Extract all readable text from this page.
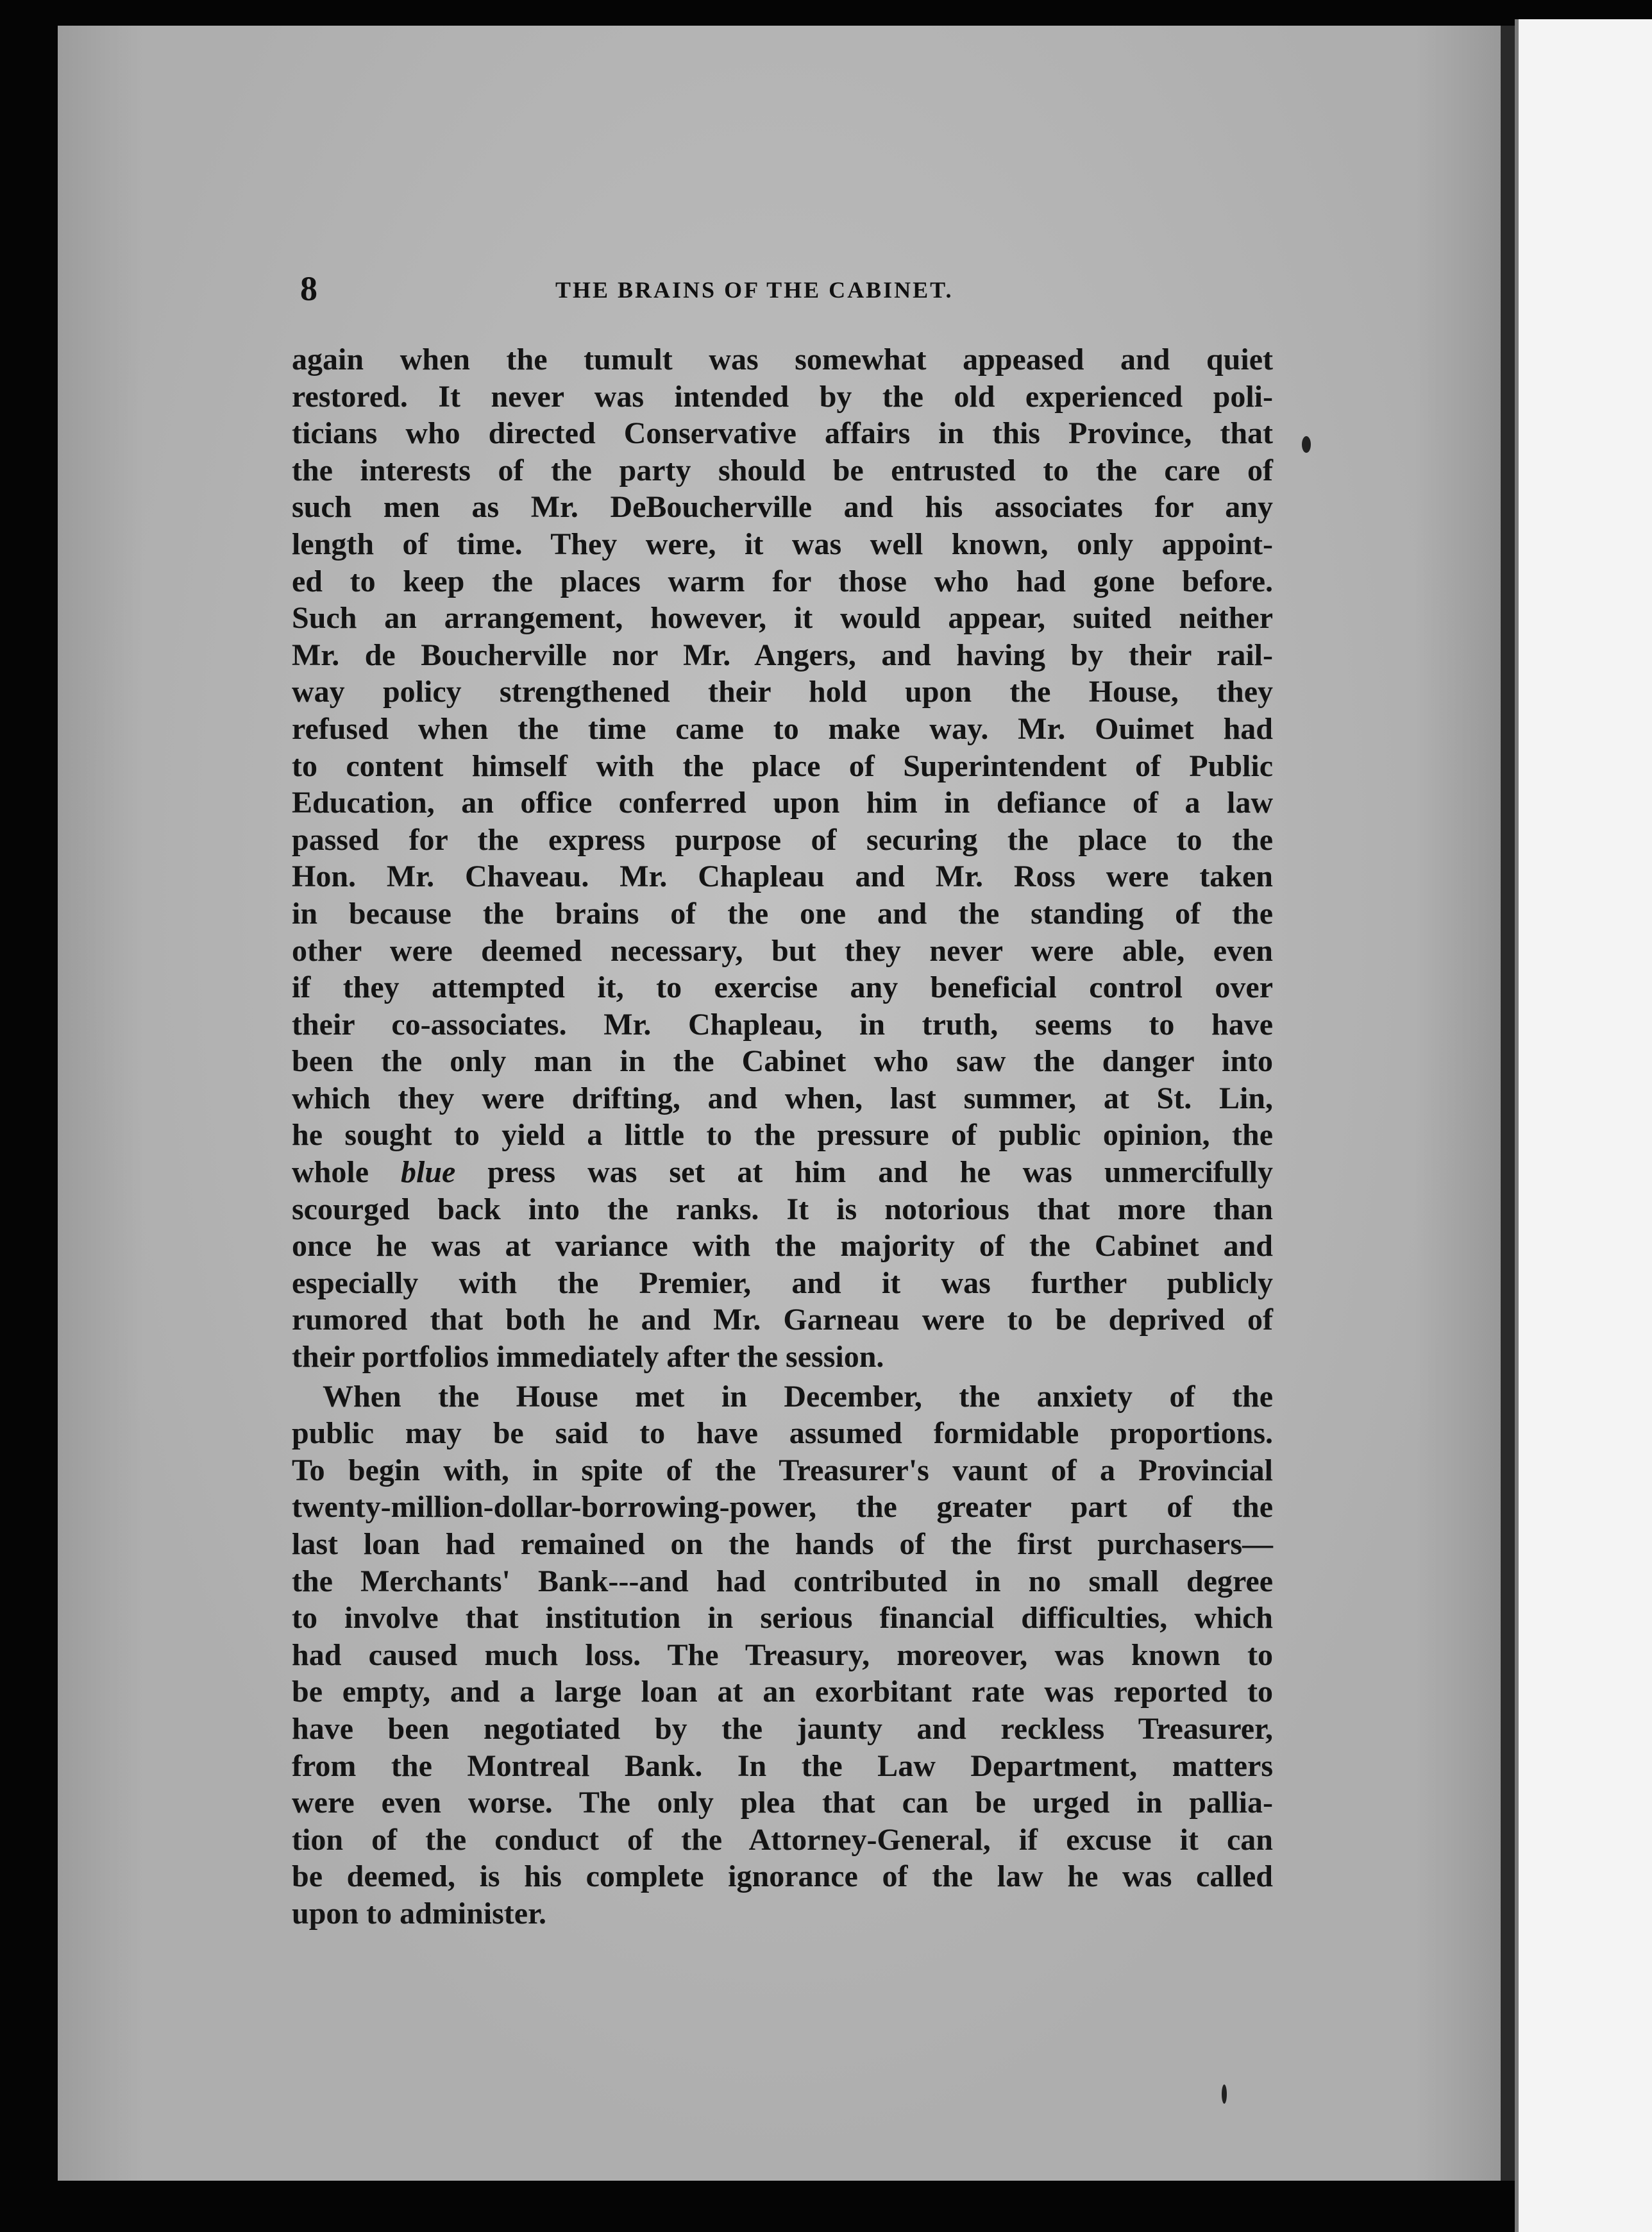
8	THE BRAINS OF THE CABINET.
again when the tumult was somewhat appeased and quiet
restored. It never was intended by the old experienced poli-
ticians who directed Conservative affairs in this Province, that
the interests of the party should be entrusted to the care of
such men as Mr. DeBoucherville and his associates for any
length of time. They were, it was well known, only appoint-
ed to keep the places warm for those who had gone before.
Such an arrangement, however, it would appear, suited neither
Mr. de Boucherville nor Mr. Angers, and having by their rail-
way policy strengthened their hold upon the House, they
refused when the time came to make way. Mr. Ouimet had
to content himself with the place of Superintendent of Public
Education, an office conferred upon him in defiance of a law
passed for the express purpose of securing the place to the
Hon. Mr. Chaveau. Mr. Chapleau and Mr. Ross were taken
in because the brains of the one and the standing of the
other were deemed necessary, but they never were able, even
if they attempted it, to exercise any beneficial control over
their co-associates. Mr. Chapleau, in truth, seems to have
been the only man in the Cabinet who saw the danger into
which they were drifting, and when, last summer, at St. Lin,
he sought to yield a little to the pressure of public opinion, the
whole blue press was set at him and he was unmercifully
scourged back into the ranks. It is notorious that more than
once he was at variance with the majority of the Cabinet and
especially with the Premier, and it was further publicly
rumored that both he and Mr. Garneau were to be deprived of
their portfolios immediately after the session.
When the House met in December, the anxiety of the
public may be said to have assumed formidable proportions.
To begin with, in spite of the Treasurer's vaunt of a Provincial
twenty-million-dollar-borrowing-power, the greater part of the
last loan had remained on the hands of the first purchasers—
the Merchants' Bank---and had contributed in no small degree
to involve that institution in serious financial difficulties, which
had caused much loss. The Treasury, moreover, was known to
be empty, and a large loan at an exorbitant rate was reported to
have been negotiated by the jaunty and reckless Treasurer,
from the Montreal Bank. In the Law Department, matters
were even worse. The only plea that can be urged in pallia-
tion of the conduct of the Attorney-General, if excuse it can
be deemed, is his complete ignorance of the law he was called
upon to administer.
